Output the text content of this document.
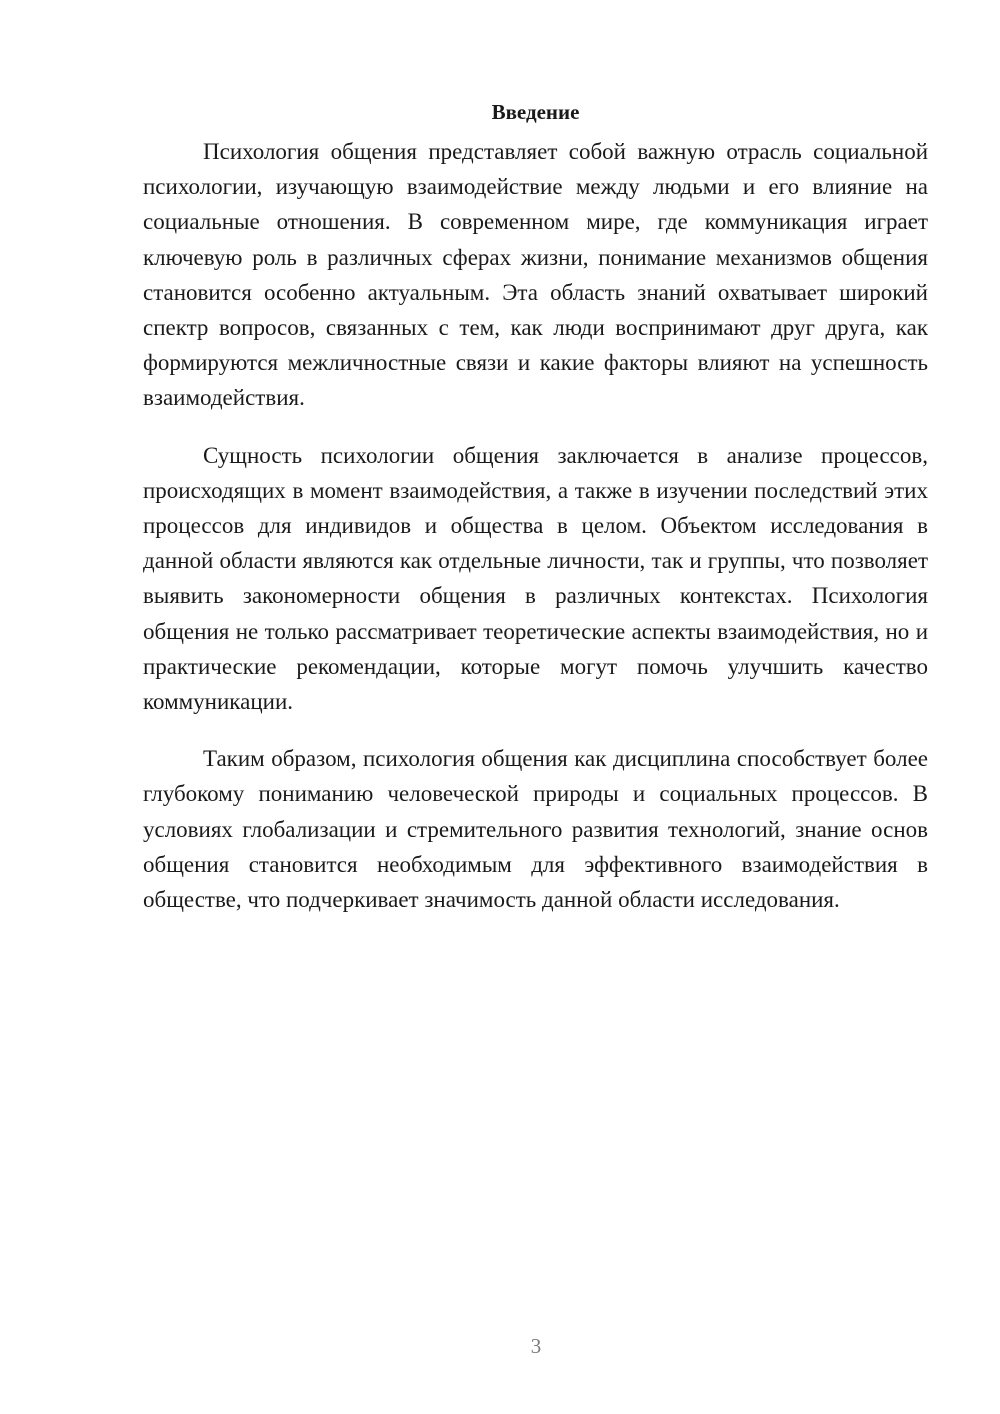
Введение

Психология общения представляет собой важную отрасль социальной психологии, изучающую взаимодействие между людьми и его влияние на социальные отношения. В современном мире, где коммуникация играет ключевую роль в различных сферах жизни, понимание механизмов общения становится особенно актуальным. Эта область знаний охватывает широкий спектр вопросов, связанных с тем, как люди воспринимают друг друга, как формируются межличностные связи и какие факторы влияют на успешность взаимодействия.

Сущность психологии общения заключается в анализе процессов, происходящих в момент взаимодействия, а также в изучении последствий этих процессов для индивидов и общества в целом. Объектом исследования в данной области являются как отдельные личности, так и группы, что позволяет выявить закономерности общения в различных контекстах. Психология общения не только рассматривает теоретические аспекты взаимодействия, но и практические рекомендации, которые могут помочь улучшить качество коммуникации.

Таким образом, психология общения как дисциплина способствует более глубокому пониманию человеческой природы и социальных процессов. В условиях глобализации и стремительного развития технологий, знание основ общения становится необходимым для эффективного взаимодействия в обществе, что подчеркивает значимость данной области исследования.

3
